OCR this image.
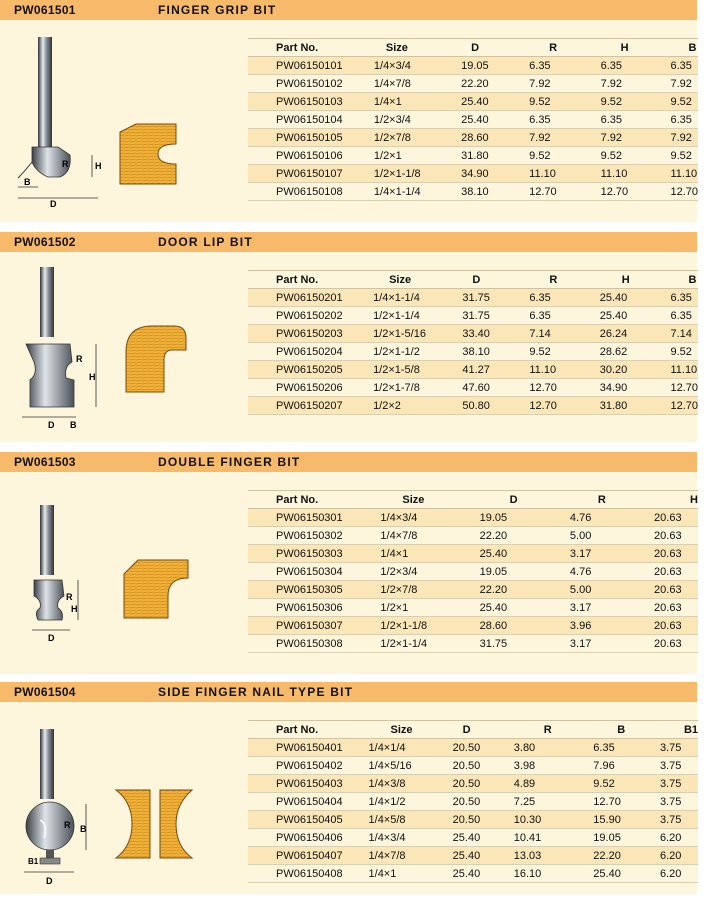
PW061501	FINGER GRIP BIT
R	H
B
D
Part No.	Size	D	R	H	B
PW06150101	1/4×3/4	19.05	6.35	6.35	6.35
PW06150102	1/4×7/8	22.20	7.92	7.92	7.92
PW06150103	1/4×1	25.40	9.52	9.52	9.52
PW06150104	1/2×3/4	25.40	6.35	6.35	6.35
PW06150105	1/2×7/8	28.60	7.92	7.92	7.92
PW06150106	1/2×1	31.80	9.52	9.52	9.52
PW06150107	1/2×1-1/8	34.90	11.10	11.10	11.10
PW06150108	1/4×1-1/4	38.10	12.70	12.70	12.70
PW061502	DOOR LIP BIT
R
H
D B
Part No.	Size	D	R	H	B
PW06150201	1/4×1-1/4	31.75	6.35	25.40	6.35
PW06150202	1/2×1-1/4	31.75	6.35	25.40	6.35
PW06150203	1/2×1-5/16	33.40	7.14	26.24	7.14
PW06150204	1/2×1-1/2	38.10	9.52	28.62	9.52
PW06150205	1/2×1-5/8	41.27	11.10	30.20	11.10
PW06150206	1/2×1-7/8	47.60	12.70	34.90	12.70
PW06150207	1/2×2	50.80	12.70	31.80	12.70
PW061503	DOUBLE FINGER BIT
R
H
D
Part No.	Size	D	R	H
PW06150301	1/4×3/4	19.05	4.76	20.63
PW06150302	1/4×7/8	22.20	5.00	20.63
PW06150303	1/4×1	25.40	3.17	20.63
PW06150304	1/2×3/4	19.05	4.76	20.63
PW06150305	1/2×7/8	22.20	5.00	20.63
PW06150306	1/2×1	25.40	3.17	20.63
PW06150307	1/2×1-1/8	28.60	3.96	20.63
PW06150308	1/2×1-1/4	31.75	3.17	20.63
PW061504	SIDE FINGER NAIL TYPE BIT
R B
B1
D
Part No.	Size	D	R	B	B1
PW06150401	1/4×1/4	20.50	3.80	6.35	3.75
PW06150402	1/4×5/16	20.50	3.98	7.96	3.75
PW06150403	1/4×3/8	20.50	4.89	9.52	3.75
PW06150404	1/4×1/2	20.50	7.25	12.70	3.75
PW06150405	1/4×5/8	20.50	10.30	15.90	3.75
PW06150406	1/4×3/4	25.40	10.41	19.05	6.20
PW06150407	1/4×7/8	25.40	13.03	22.20	6.20
PW06150408	1/4×1	25.40	16.10	25.40	6.20
